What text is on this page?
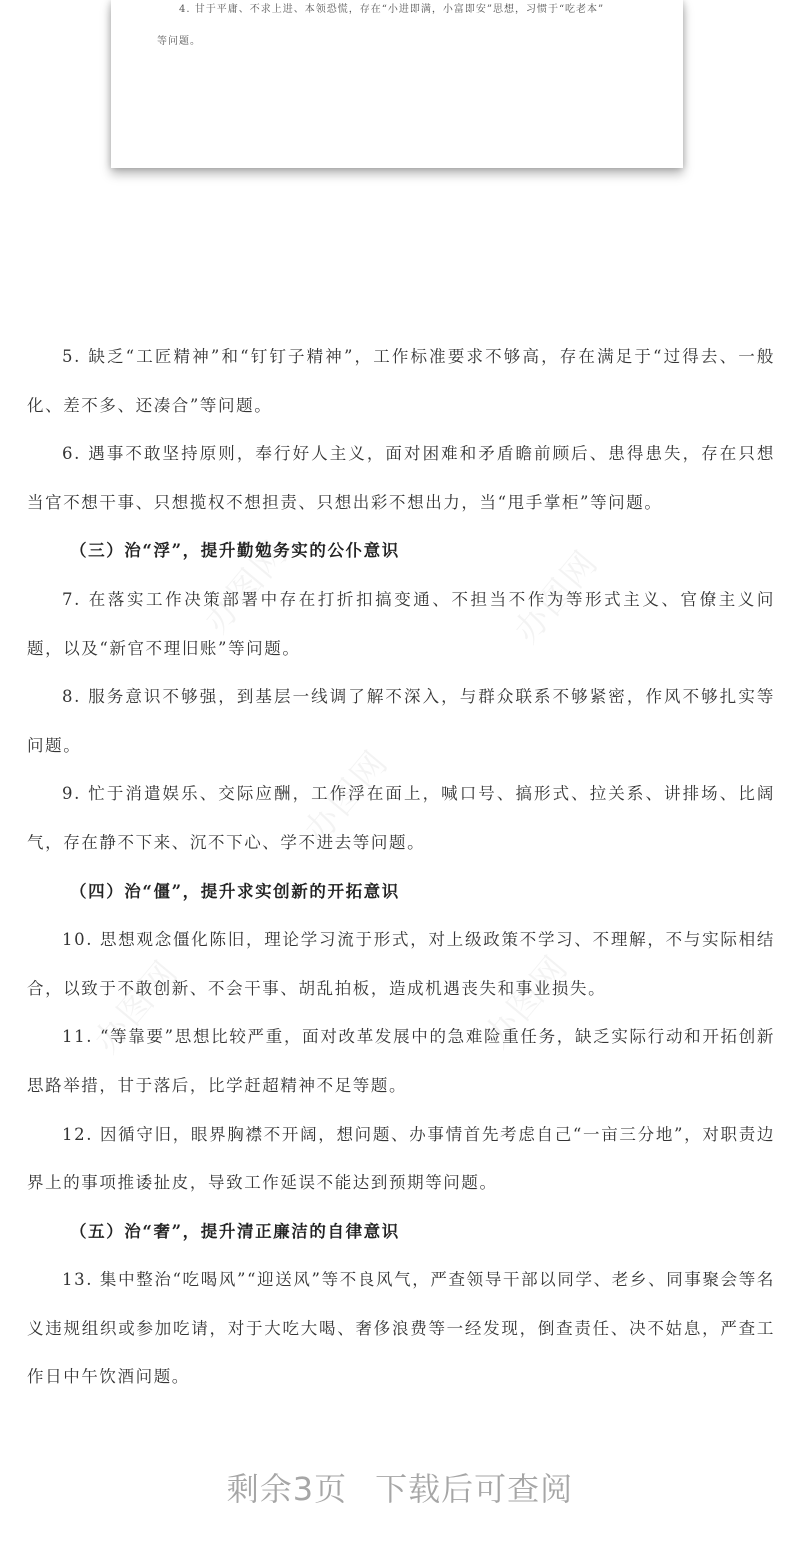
4. 甘于平庸、不求上进、本领恐慌，存在“小进即满，小富即安”思想，习惯于“吃老本”
等问题。

5. 缺乏“工匠精神”和“钉钉子精神”，工作标准要求不够高，存在满足于“过得去、一般化、差不多、还凑合”等问题。

6. 遇事不敢坚持原则，奉行好人主义，面对困难和矛盾瞻前顾后、患得患失，存在只想当官不想干事、只想揽权不想担责、只想出彩不想出力，当“甩手掌柜”等问题。

（三）治“浮”，提升勤勉务实的公仆意识

7. 在落实工作决策部署中存在打折扣搞变通、不担当不作为等形式主义、官僚主义问题，以及“新官不理旧账”等问题。

8. 服务意识不够强，到基层一线调了解不深入，与群众联系不够紧密，作风不够扎实等问题。

9. 忙于消遣娱乐、交际应酬，工作浮在面上，喊口号、搞形式、拉关系、讲排场、比阔气，存在静不下来、沉不下心、学不进去等问题。

（四）治“僵”，提升求实创新的开拓意识

10. 思想观念僵化陈旧，理论学习流于形式，对上级政策不学习、不理解，不与实际相结合，以致于不敢创新、不会干事、胡乱拍板，造成机遇丧失和事业损失。

11. “等靠要”思想比较严重，面对改革发展中的急难险重任务，缺乏实际行动和开拓创新思路举措，甘于落后，比学赶超精神不足等题。

12. 因循守旧，眼界胸襟不开阔，想问题、办事情首先考虑自己“一亩三分地”，对职责边界上的事项推诿扯皮，导致工作延误不能达到预期等问题。

（五）治“奢”，提升清正廉洁的自律意识

13. 集中整治“吃喝风”“迎送风”等不良风气，严查领导干部以同学、老乡、同事聚会等名义违规组织或参加吃请，对于大吃大喝、奢侈浪费等一经发现，倒查责任、决不姑息，严查工作日中午饮酒问题。

剩余3页 下载后可查阅
